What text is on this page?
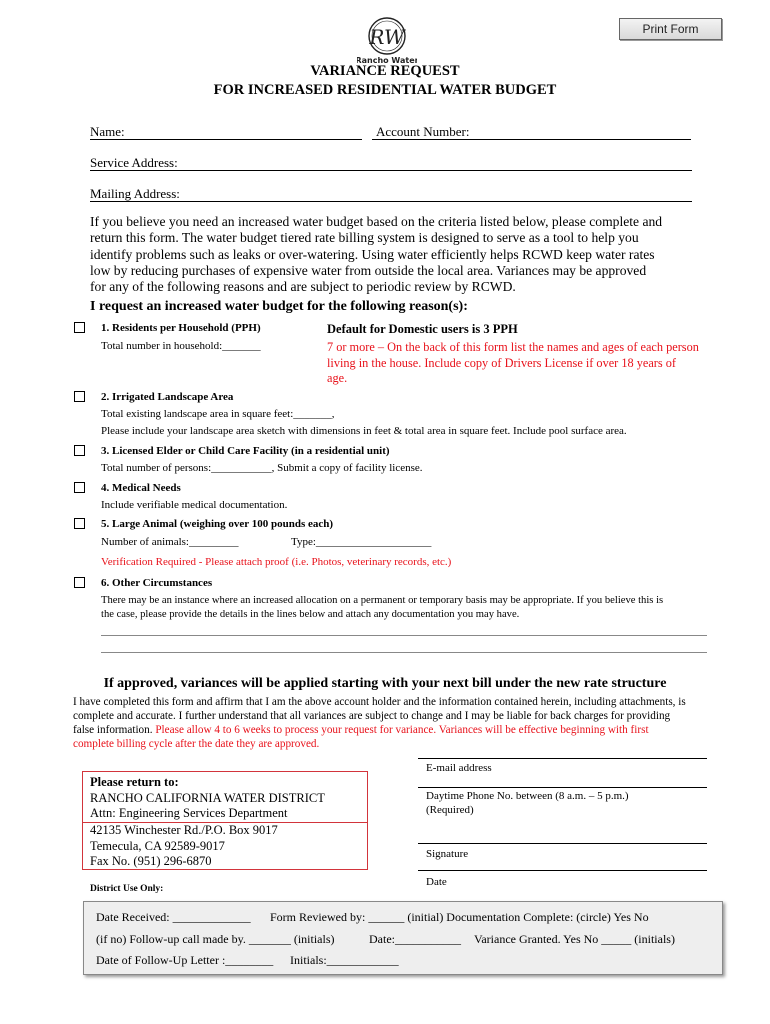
Print Form
RW
Rancho Water
VARIANCE REQUEST
FOR INCREASED RESIDENTIAL WATER BUDGET
Name:	Account Number:
Service Address:
Mailing Address:
If you believe you need an increased water budget based on the criteria listed below, please complete and
return this form. The water budget tiered rate billing system is designed to serve as a tool to help you
identify problems such as leaks or over-watering. Using water efficiently helps RCWD keep water rates
low by reducing purchases of expensive water from outside the local area. Variances may be approved
for any of the following reasons and are subject to periodic review by RCWD.
I request an increased water budget for the following reason(s):
1. Residents per Household (PPH)
Total number in household:_______
Default for Domestic users is 3 PPH
7 or more – On the back of this form list the names and ages of each person
living in the house. Include copy of Drivers License if over 18 years of
age.
2. Irrigated Landscape Area
Total existing landscape area in square feet:_______,
Please include your landscape area sketch with dimensions in feet & total area in square feet. Include pool surface area.
3. Licensed Elder or Child Care Facility (in a residential unit)
Total number of persons:___________, Submit a copy of facility license.
4. Medical Needs
Include verifiable medical documentation.
5. Large Animal (weighing over 100 pounds each)
Number of animals:_________	Type:_____________________
Verification Required - Please attach proof (i.e. Photos, veterinary records, etc.)
6. Other Circumstances
There may be an instance where an increased allocation on a permanent or temporary basis may be appropriate. If you believe this is
the case, please provide the details in the lines below and attach any documentation you may have.
If approved, variances will be applied starting with your next bill under the new rate structure
I have completed this form and affirm that I am the above account holder and the information contained herein, including attachments, is
complete and accurate. I further understand that all variances are subject to change and I may be liable for back charges for providing
false information. Please allow 4 to 6 weeks to process your request for variance. Variances will be effective beginning with first
complete billing cycle after the date they are approved.
Please return to:
RANCHO CALIFORNIA WATER DISTRICT
Attn: Engineering Services Department
42135 Winchester Rd./P.O. Box 9017
Temecula, CA 92589-9017
Fax No. (951) 296-6870
E-mail address
Daytime Phone No. between (8 a.m. – 5 p.m.)
(Required)
Signature
Date
District Use Only:
Date Received: _____________ Form Reviewed by: ______ (initial) Documentation Complete: (circle) Yes No
(if no) Follow-up call made by. _______ (initials)	Date:___________ Variance Granted. Yes No _____ (initials)
Date of Follow-Up Letter :________ Initials:____________
